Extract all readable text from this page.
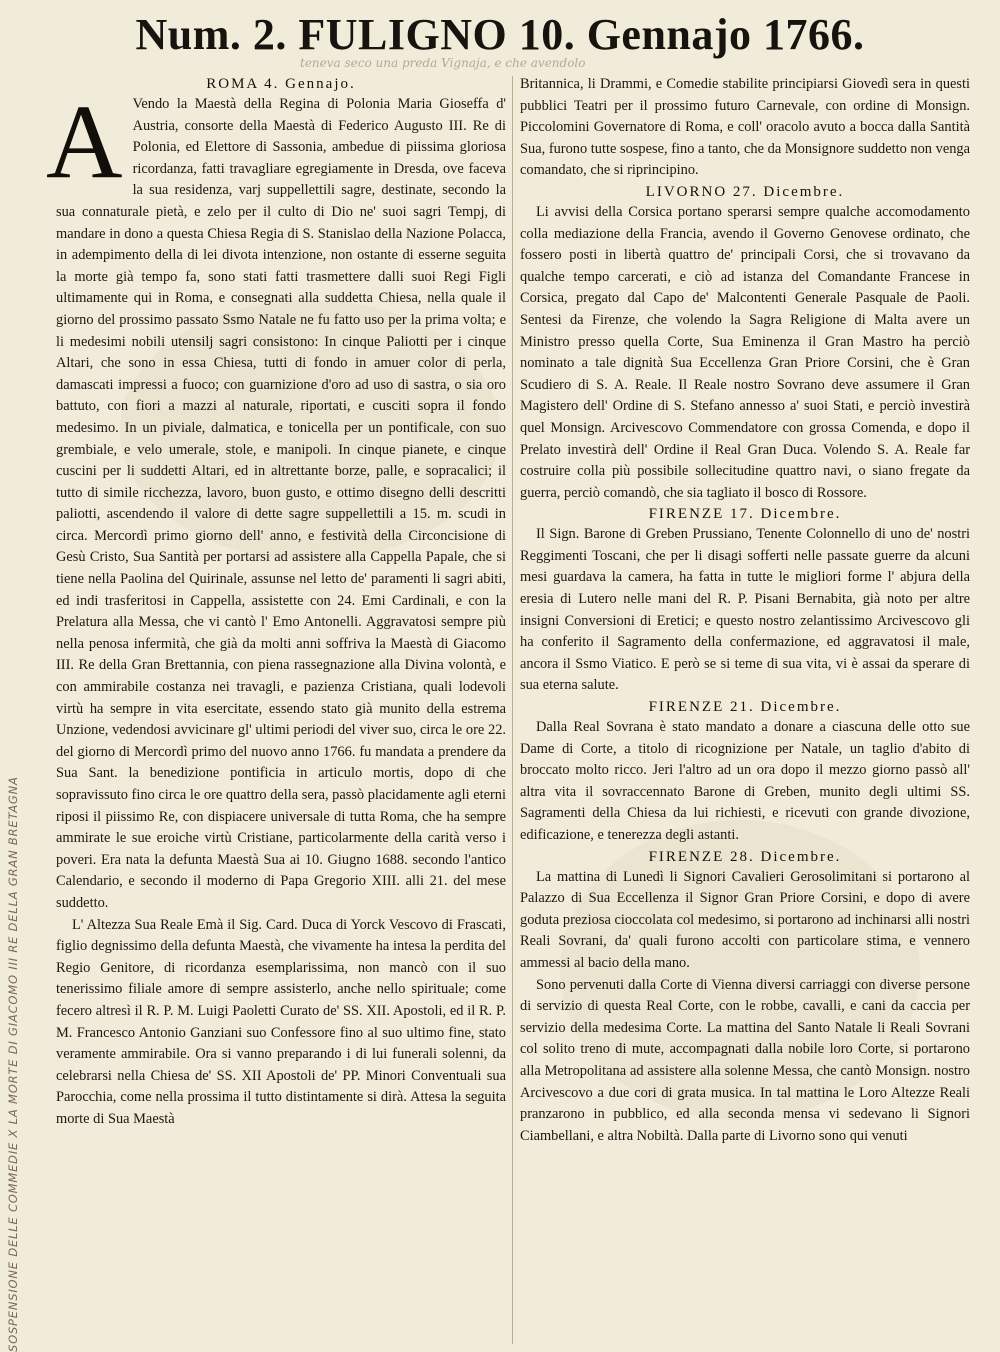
Num. 2. FULIGNO 10. Gennajo 1766.
teneva seco una preda Vignaja, e che avendolo
ROMA 4. Gennajo.
A Vendo la Maestà della Regina di Polonia Maria Gioseffa d' Austria, consorte della Maestà di Federico Augusto III. Re di Polonia, ed Elettore di Sassonia, ambedue di piissima gloriosa ricordanza, fatti travagliare egregiamente in Dresda, ove faceva la sua residenza, varj suppellettili sagre, destinate, secondo la sua connaturale pietà, e zelo per il culto di Dio ne' suoi sagri Tempj, di mandare in dono a questa Chiesa Regia di S. Stanislao della Nazione Polacca, in adempimento della di lei divota intenzione, non ostante di esserne seguita la morte già tempo fa, sono stati fatti trasmettere dalli suoi Regi Figli ultimamente qui in Roma, e consegnati alla suddetta Chiesa, nella quale il giorno del prossimo passato Ssmo Natale ne fu fatto uso per la prima volta; e li medesimi nobili utensilj sagri consistono: In cinque Paliotti per i cinque Altari, che sono in essa Chiesa, tutti di fondo in amuer color di perla, damascati impressi a fuoco; con guarnizione d'oro ad uso di sastra, o sia oro battuto, con fiori a mazzi al naturale, riportati, e cusciti sopra il fondo medesimo. In un piviale, dalmatica, e tonicella per un pontificale, con suo grembiale, e velo umerale, stole, e manipoli. In cinque pianete, e cinque cuscini per li suddetti Altari, ed in altrettante borze, palle, e sopracalici; il tutto di simile ricchezza, lavoro, buon gusto, e ottimo disegno delli descritti paliotti, ascendendo il valore di dette sagre suppellettili a 15. m. scudi in circa. Mercordì primo giorno dell' anno, e festività della Circoncisione di Gesù Cristo, Sua Santità per portarsi ad assistere alla Cappella Papale, che si tiene nella Paolina del Quirinale, assunse nel letto de' paramenti li sagri abiti, ed indi trasferitosi in Cappella, assistette con 24. Emi Cardinali, e con la Prelatura alla Messa, che vi cantò l' Emo Antonelli. Aggravatosi sempre più nella penosa infermità, che già da molti anni soffriva la Maestà di Giacomo III. Re della Gran Brettannia, con piena rassegnazione alla Divina volontà, e con ammirabile costanza nei travagli, e pazienza Cristiana, quali lodevoli virtù ha sempre in vita esercitate, essendo stato già munito della estrema Unzione, vedendosi avvicinare gl' ultimi periodi del viver suo, circa le ore 22. del giorno di Mercordì primo del nuovo anno 1766. fu mandata a prendere da Sua Sant. la benedizione pontificia in articulo mortis, dopo di che sopravissuto fino circa le ore quattro della sera, passò placidamente agli eterni riposi il piissimo Re, con dispiacere universale di tutta Roma, che ha sempre ammirate le sue eroiche virtù Cristiane, particolarmente della carità verso i poveri. Era nata la defunta Maestà Sua ai 10. Giugno 1688. secondo l'antico Calendario, e secondo il moderno di Papa Gregorio XIII. alli 21. del mese suddetto.

L' Altezza Sua Reale Emà il Sig. Card. Duca di Yorck Vescovo di Frascati, figlio degnissimo della defunta Maestà, che vivamente ha intesa la perdita del Regio Genitore, di ricordanza esemplarissima, non mancò con il suo tenerissimo filiale amore di sempre assisterlo, anche nello spirituale; come fecero altresì il R. P. M. Luigi Paoletti Curato de' SS. XII. Apostoli, ed il R. P. M. Francesco Antonio Ganziani suo Confessore fino al suo ultimo fine, stato veramente ammirabile. Ora si vanno preparando i di lui funerali solenni, da celebrarsi nella Chiesa de' SS. XII Apostoli de' PP. Minori Conventuali sua Parocchia, come nella prossima il tutto distintamente si dirà. Attesa la seguita morte di Sua Maestà

Britannica, li Drammi, e Comedie stabilite principiarsi Giovedì sera in questi pubblici Teatri per il prossimo futuro Carnevale, con ordine di Monsign. Piccolomini Governatore di Roma, e coll' oracolo avuto a bocca dalla Santità Sua, furono tutte sospese, fino a tanto, che da Monsignore suddetto non venga comandato, che si riprincipino.

LIVORNO 27. Dicembre.

Li avvisi della Corsica portano sperarsi sempre qualche accomodamento colla mediazione della Francia, avendo il Governo Genovese ordinato, che fossero posti in libertà quattro de' principali Corsi, che si trovavano da qualche tempo carcerati, e ciò ad istanza del Comandante Francese in Corsica, pregato dal Capo de' Malcontenti Generale Pasquale de Paoli. Sentesi da Firenze, che volendo la Sagra Religione di Malta avere un Ministro presso quella Corte, Sua Eminenza il Gran Mastro ha perciò nominato a tale dignità Sua Eccellenza Gran Priore Corsini, che è Gran Scudiero di S. A. Reale. Il Reale nostro Sovrano deve assumere il Gran Magistero dell' Ordine di S. Stefano annesso a' suoi Stati, e perciò investirà quel Monsign. Arcivescovo Commendatore con grossa Comenda, e dopo il Prelato investirà dell' Ordine il Real Gran Duca. Volendo S. A. Reale far costruire colla più possibile sollecitudine quattro navi, o siano fregate da guerra, perciò comandò, che sia tagliato il bosco di Rossore.

FIRENZE 17. Dicembre.

Il Sign. Barone di Greben Prussiano, Tenente Colonnello di uno de' nostri Reggimenti Toscani, che per li disagi sofferti nelle passate guerre da alcuni mesi guardava la camera, ha fatta in tutte le migliori forme l' abjura della eresia di Lutero nelle mani del R. P. Pisani Bernabita, già noto per altre insigni Conversioni di Eretici; e questo nostro zelantissimo Arcivescovo gli ha conferito il Sagramento della confermazione, ed aggravatosi il male, ancora il Ssmo Viatico. E però se si teme di sua vita, vi è assai da sperare di sua eterna salute.

FIRENZE 21. Dicembre.

Dalla Real Sovrana è stato mandato a donare a ciascuna delle otto sue Dame di Corte, a titolo di ricognizione per Natale, un taglio d'abito di broccato molto ricco. Jeri l'altro ad un ora dopo il mezzo giorno passò all' altra vita il sovraccennato Barone di Greben, munito degli ultimi SS. Sagramenti della Chiesa da lui richiesti, e ricevuti con grande divozione, edificazione, e tenerezza degli astanti.

FIRENZE 28. Dicembre.

La mattina di Lunedì li Signori Cavalieri Gerosolimitani si portarono al Palazzo di Sua Eccellenza il Signor Gran Priore Corsini, e dopo di avere goduta preziosa cioccolata col medesimo, si portarono ad inchinarsi alli nostri Reali Sovrani, da' quali furono accolti con particolare stima, e vennero ammessi al bacio della mano.

Sono pervenuti dalla Corte di Vienna diversi carriaggi con diverse persone di servizio di questa Real Corte, con le robbe, cavalli, e cani da caccia per servizio della medesima Corte. La mattina del Santo Natale li Reali Sovrani col solito treno di mute, accompagnati dalla nobile loro Corte, si portarono alla Metropolitana ad assistere alla solenne Messa, che cantò Monsign. nostro Arcivescovo a due cori di grata musica. In tal mattina le Loro Altezze Reali pranzarono in pubblico, ed alla seconda mensa vi sedevano li Signori Ciambellani, e altra Nobiltà. Dalla parte di Livorno sono qui venuti

SOSPENSIONE DELLE COMMEDIE X LA MORTE DI GIACOMO III RE DELLA GRAN BRETAGNA
